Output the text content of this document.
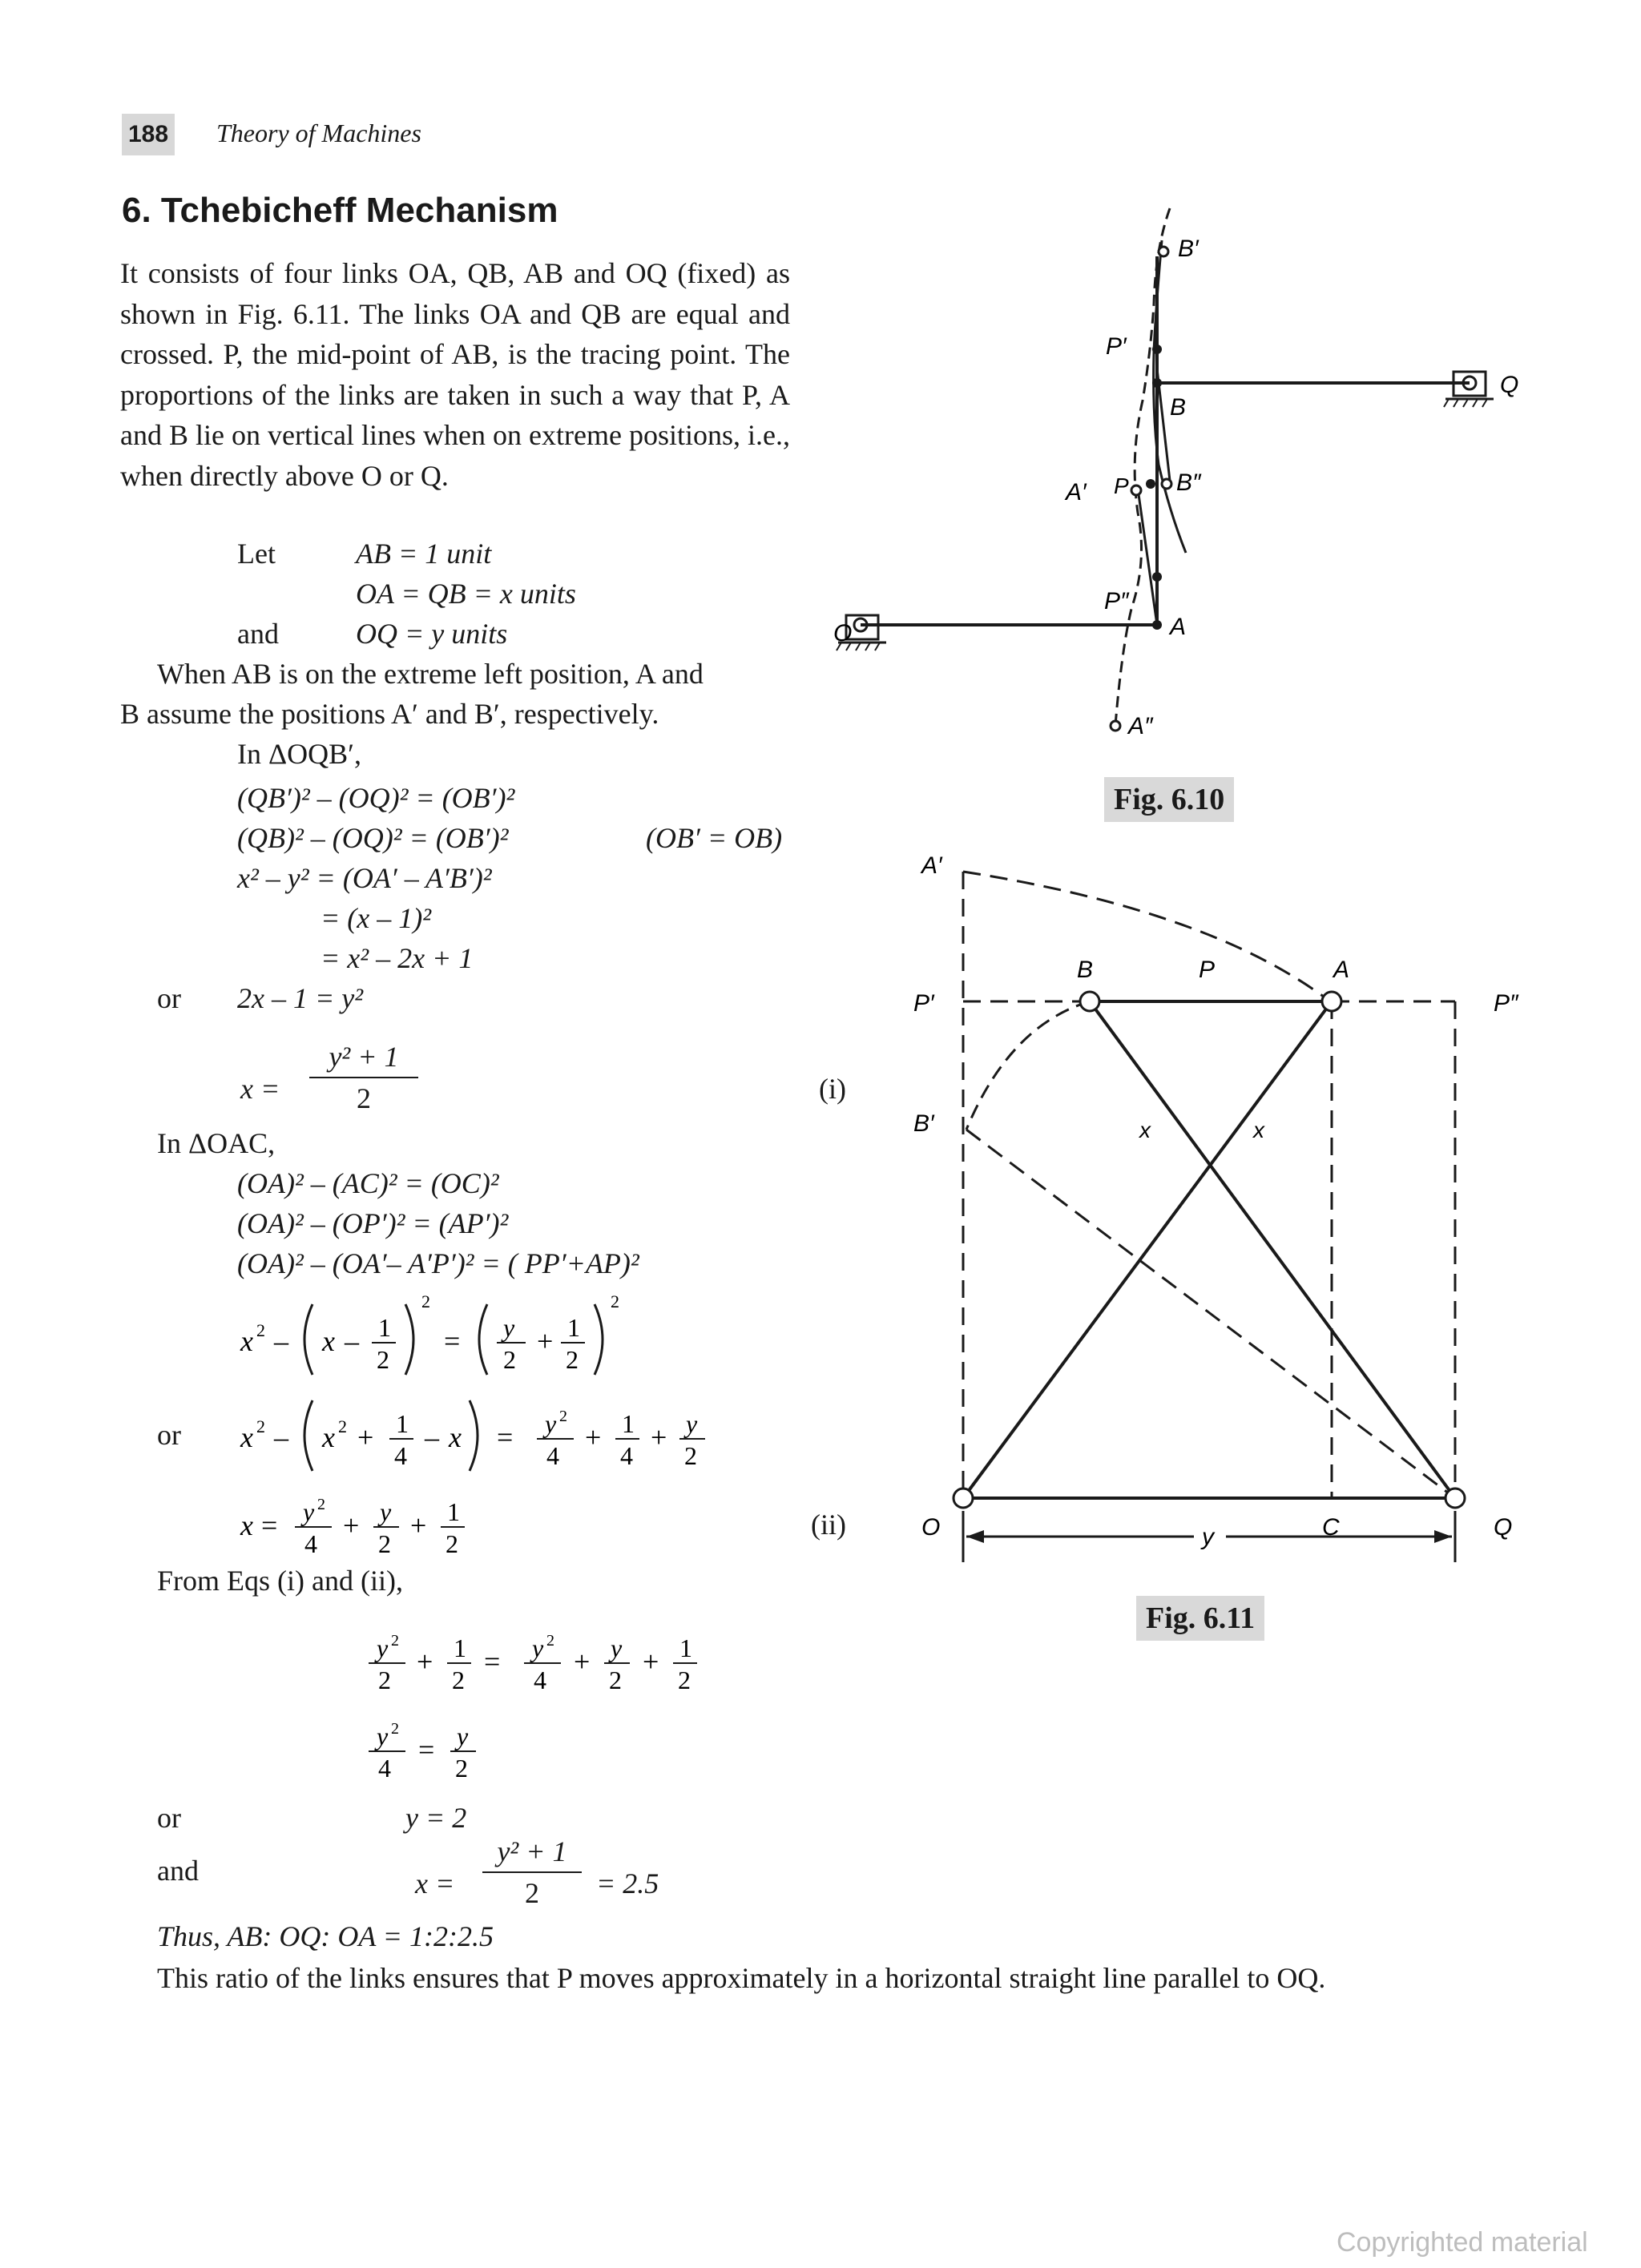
188 Theory of Machines
6. Tchebicheff Mechanism
It consists of four links OA, QB, AB and OQ (fixed) as shown in Fig. 6.11. The links OA and QB are equal and crossed. P, the mid-point of AB, is the tracing point. The proportions of the links are taken in such a way that P, A and B lie on vertical lines when on extreme positions, i.e., when directly above O or Q.
Let	AB = 1 unit
OA = QB = x units
and	OQ = y units
When AB is on the extreme left position, A and
B assume the positions A′ and B′, respectively.
In ΔOQB′,
(QB′)² – (OQ)² = (OB′)²
(QB)² – (OQ)² = (OB′)²	(OB′ = OB)
x² – y² = (OA′ – A′B′)²
= (x – 1)²
= x² – 2x + 1
or 2x – 1 = y²
x =
y² + 1
2	(i)
In ΔOAC,
(OA)² – (AC)² = (OC)²
(OA)² – (OP′)² = (AP′)²
(OA)² – (OA′– A′P′)² = ( PP′+AP)²
x 2 – x – 1
2
2
= y
2
+ 1
2
2
or x 2 – x 2 + 1
4
– x = y 2
4
+ 1
4
+ y
2
x = y 2
4
+ y
2
+ 1
2
(ii)
From Eqs (i) and (ii),
y 2
2
+ 1
2
= y 2
4
+ y
2
+ 1
2
y 2
4
= y
2
or	y = 2
and	x =
y² + 1
2	= 2.5
Thus, AB: OQ: OA = 1:2:2.5
This ratio of the links ensures that P moves approximately in a horizontal straight line parallel to OQ.
B′
P′
B
Q
A′ P B″
P″
O	A
A″
Fig. 6.10
A′
B	P	A
P′	P″
B′	x	x
O	C	Q
y
Fig. 6.11
Copyrighted material
